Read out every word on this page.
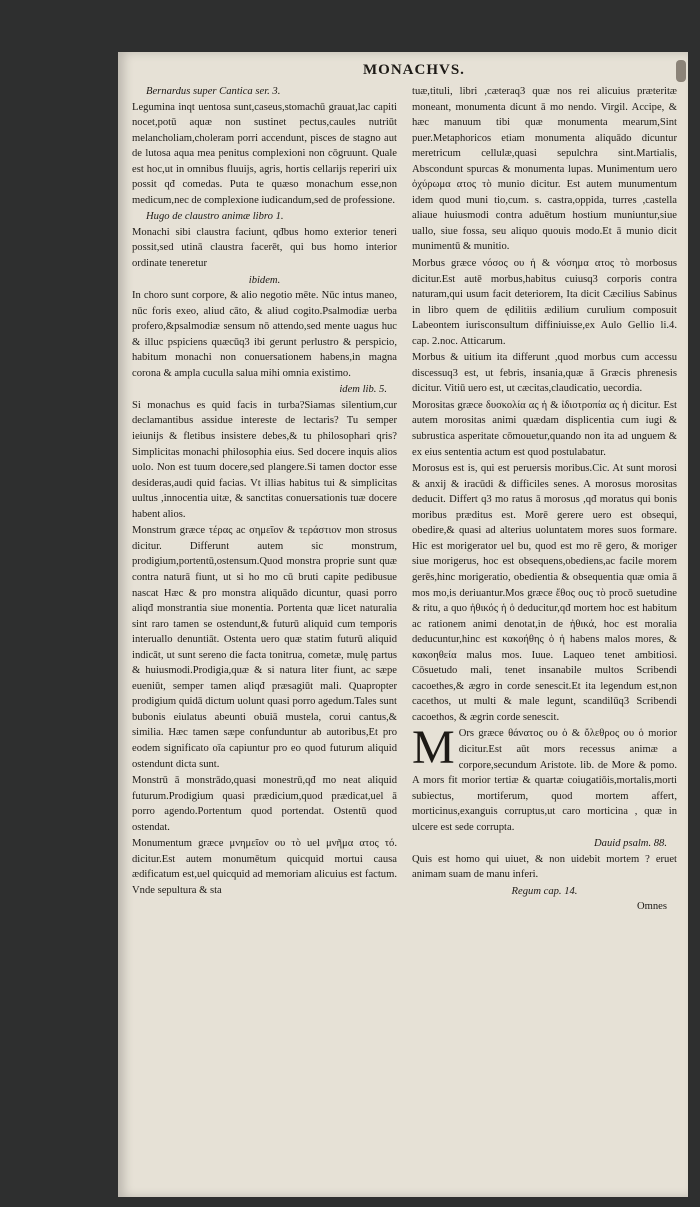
MONACHVS.
Bernardus super Cantica ser. 3.

Legumina inqt uentosa sunt,caseus,stomachū grauat,lac capiti nocet,potū aquæ non sustinet pectus,caules nutriūt melancholiam,choleram porri accendunt, pisces de stagno aut de lutosa aqua mea penitus complexioni non cōgruunt. Quale est hoc,ut in omnibus fluuijs, agris, hortis cellarijs reperiri uix possit qđ comedas. Puta te quæso monachum esse,non medicum,nec de complexione iudicandum,sed de professione.

Hugo de claustro animæ libro 1.

Monachi sibi claustra faciunt, qđbus homo exterior teneri possit,sed utinā claustra facerēt, qui bus homo interior ordinate teneretur

ibidem.

In choro sunt corpore, & alio negotio mēte. Nūc intus maneo, nūc foris exeo, aliud cāto, & aliud cogito.Psalmodiæ uerba profero,&psalmodiæ sensum nō attendo,sed mente uagus huc & illuc pspiciens quæcūq3 ibi gerunt perlustro & perspicio, habitum monachi non conuersationem habens,in magna corona & ampla cuculla salua mihi omnia existimo.

idem lib. 5.

Si monachus es quid facis in turba?Siamas silentium,cur declamantibus assidue intereste de lectaris? Tu semper ieiunijs & fletibus insistere debes,& tu philosophari qris?Simplicitas monachi philosophia eius. Sed docere inquis alios uolo. Non est tuum docere,sed plangere.Si tamen doctor esse desideras,audi quid facias. Vt illias habitus tui & simplicitas uultus ,innocentia uitæ, & sanctitas conuersationis tuæ docere habent alios.

Monstrum græce τέρας ac σημεῖον & τεράστιον mon strosus dicitur. Differunt autem sic monstrum, prodigium,portentū,ostensum.Quod monstra proprie sunt quæ contra naturā fiunt, ut si ho mo cū bruti capite pedibusue nascat Hæc & pro monstra aliquādo dicuntur, quasi porro aliqđ monstrantia siue monentia. Portenta quæ licet naturalia sint raro tamen se ostendunt,& futurū aliquid cum temporis interuallo denuntiāt. Ostenta uero quæ statim futurū aliquid indicāt, ut sunt sereno die facta tonitrua, cometæ, mulę partus & huiusmodi.Prodigia,quæ & si natura liter fiunt, ac sæpe eueniūt, semper tamen aliqđ præsagiūt mali. Quapropter prodigium quidā dictum uolunt quasi porro agedum.Tales sunt bubonis eiulatus abeunti obuiā mustela, corui cantus,& similia. Hæc tamen sæpe confunduntur ab autoribus,Et pro eodem significato oīa capiuntur pro eo quod futurum aliquid ostendunt dicta sunt.

Monstrū ā monstrādo,quasi monestrū,qđ mo neat aliquid futurum.Prodigium quasi prædicium,quod prædicat,uel ā porro agendo.Portentum quod portendat. Ostentū quod ostendat.

Monumentum græce μνημεῖον ου τὸ uel μνῆμα ατος τό. dicitur.Est autem monumētum quicquid mortui causa ædificatum est,uel quicquid ad memoriam alicuius est factum. Vnde sepultura & sta

tuæ,tituli, libri ,cæteraq3 quæ nos rei alicuius præteritæ moneant, monumenta dicunt ā mo nendo. Virgil. Accipe, & hæc manuum tibi quæ monumenta mearum,Sint puer.Metaphoricos etiam monumenta aliquādo dicuntur meretricum cellulæ,quasi sepulchra sint.Martialis, Abscondunt spurcas & monumenta lupas. Munimentum uero ὀχύρωμα ατος τὸ munio dicitur. Est autem munumentum idem quod muni tio,cum. s. castra,oppida, turres ,castella aliaue huiusmodi contra aduētum hostium muniuntur,siue uallo, siue fossa, seu aliquo quouis modo.Et ā munio dicit munimentū & munitio.

Morbus græce νόσος ου ἡ & νόσημα ατος τὸ morbosus dicitur.Est autē morbus,habitus cuiusq3 corporis contra naturam,qui usum facit deteriorem, Ita dicit Cæcilius Sabinus in libro quem de ędilitiis ædilium curulium composuit Labeontem iurisconsultum diffiniuisse,ex Aulo Gellio li.4. cap. 2.noc. Atticarum.

Morbus & uitium ita differunt ,quod morbus cum accessu discessuq3 est, ut febris, insania,quæ ā Græcis phrenesis dicitur. Vitiū uero est, ut cæcitas,claudicatio, uecordia.

Morositas græce δυσκολία ας ἡ & ἰδιοτροπία ας ἡ dicitur. Est autem morositas animi quædam displicentia cum iugi & subrustica asperitate cōmouetur,quando non ita ad unguem & ex eius sententia actum est quod postulabatur.

Morosus est is, qui est peruersis moribus.Cic. At sunt morosi & anxij & iracūdi & difficiles senes. A morosus morositas deducit. Differt q3 mo ratus ā morosus ,qđ moratus qui bonis moribus præditus est. Morē gerere uero est obsequi, obedire,& quasi ad alterius uoluntatem mores suos formare. Hic est morigerator uel bu, quod est mo rē gero, & moriger siue morigerus, hoc est obsequens,obediens,ac facile morem gerēs,hinc morigeratio, obedientia & obsequentia quæ omia ā mos mo,is deriuantur.Mos græce ἔθος ους τὸ procō suetudine & ritu, a quo ἠθικός ἡ ὁ deducitur,qđ mortem hoc est habitum ac rationem animi denotat,in de ἠθικά, hoc est moralia deducuntur,hinc est κακοήθης ὁ ἡ habens malos mores, & κακοηθεία malus mos. Iuue. Laqueo tenet ambitiosi. Cōsuetudo mali, tenet insanabile multos Scribendi cacoethes,& ægro in corde senescit.Et ita legendum est,non cacethos, ut multi & male legunt, scandilūq3 Scribendi cacoethos, & ægrin corde senescit.

M Ors græce θάνατος ου ὁ & ὄλεθρος ου ὁ morior dicitur.Est aūt mors recessus animæ a corpore,secundum Aristote. lib. de More & pomo. A mors fit morior tertiæ & quartæ coiugatiōis,mortalis,morti subiectus, mortiferum, quod mortem affert, morticinus,exanguis corruptus,ut caro morticina , quæ in ulcere est sede corrupta.
Dauid psalm. 88.

Quis est homo qui uiuet, & non uidebit mortem ? eruet animam suam de manu inferi.

Regum cap. 14.
Omnes
